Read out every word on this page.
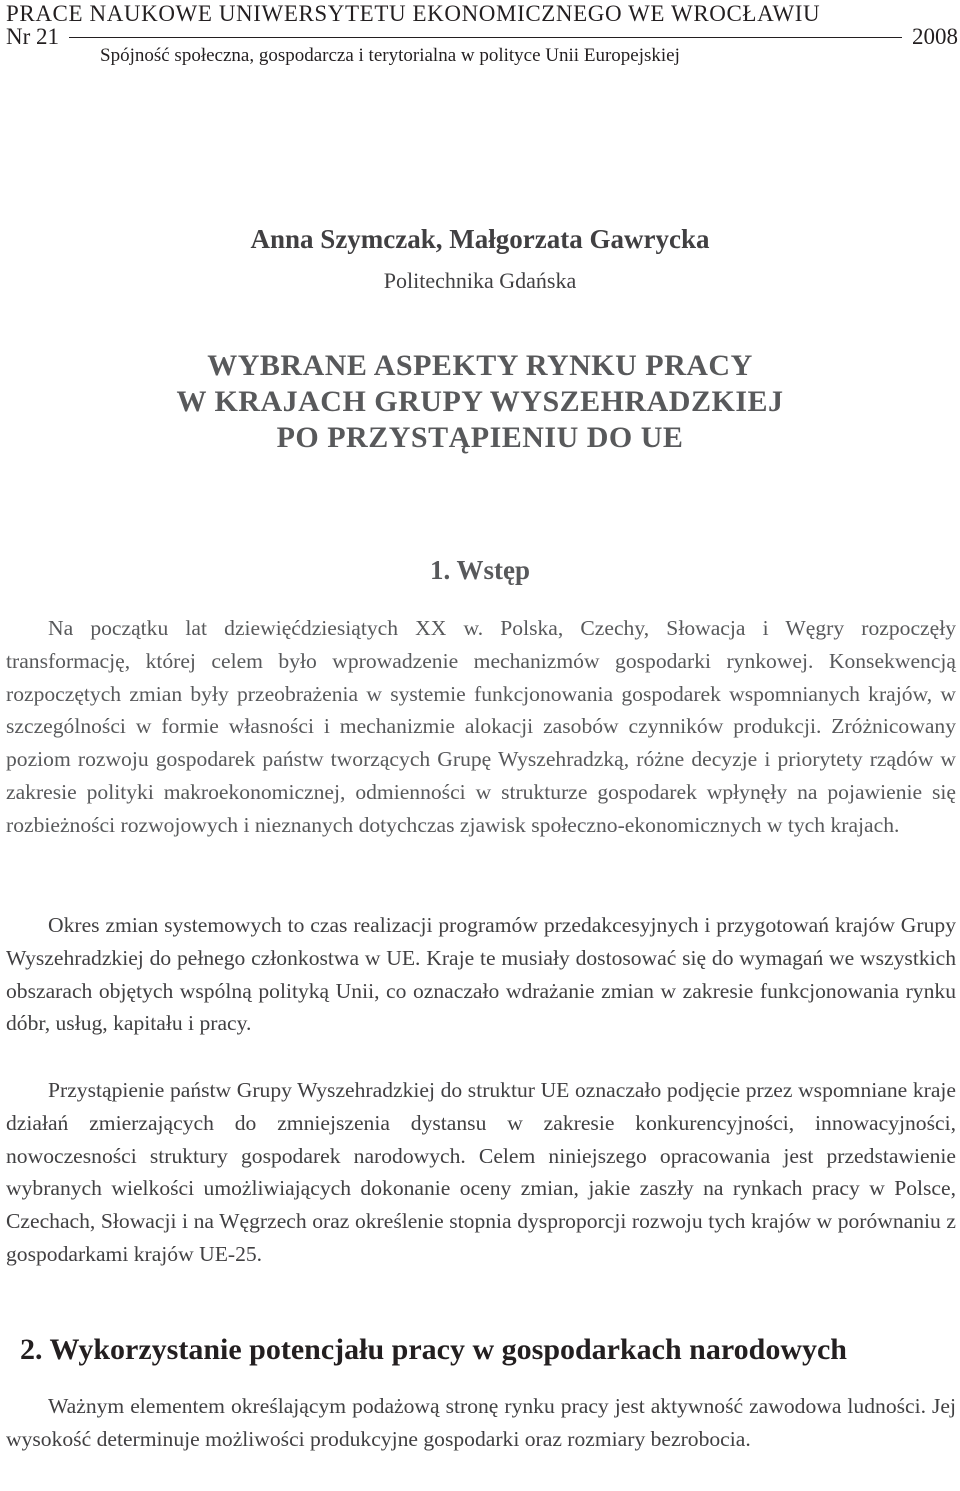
PRACE NAUKOWE UNIWERSYTETU EKONOMICZNEGO WE WROCŁAWIU
Nr 21	2008
Spójność społeczna, gospodarcza i terytorialna w polityce Unii Europejskiej
Anna Szymczak, Małgorzata Gawrycka
Politechnika Gdańska
WYBRANE ASPEKTY RYNKU PRACY
W KRAJACH GRUPY WYSZEHRADZKIEJ
PO PRZYSTĄPIENIU DO UE
1. Wstęp

Na początku lat dziewięćdziesiątych XX w. Polska, Czechy, Słowacja i Węgry rozpoczęły transformację, której celem było wprowadzenie mechanizmów gospodarki rynkowej. Konsekwencją rozpoczętych zmian były przeobrażenia w systemie funkcjonowania gospodarek wspomnianych krajów, w szczególności w formie własności i mechanizmie alokacji zasobów czynników produkcji. Zróżnicowany poziom rozwoju gospodarek państw tworzących Grupę Wyszehradzką, różne decyzje i priorytety rządów w zakresie polityki makroekonomicznej, odmienności w strukturze gospodarek wpłynęły na pojawienie się rozbieżności rozwojowych i nieznanych dotychczas zjawisk społeczno-ekonomicznych w tych krajach.

Okres zmian systemowych to czas realizacji programów przedakcesyjnych i przygotowań krajów Grupy Wyszehradzkiej do pełnego członkostwa w UE. Kraje te musiały dostosować się do wymagań we wszystkich obszarach objętych wspólną polityką Unii, co oznaczało wdrażanie zmian w zakresie funkcjonowania rynku dóbr, usług, kapitału i pracy.

Przystąpienie państw Grupy Wyszehradzkiej do struktur UE oznaczało podjęcie przez wspomniane kraje działań zmierzających do zmniejszenia dystansu w zakresie konkurencyjności, innowacyjności, nowoczesności struktury gospodarek narodowych. Celem niniejszego opracowania jest przedstawienie wybranych wielkości umożliwiających dokonanie oceny zmian, jakie zaszły na rynkach pracy w Polsce, Czechach, Słowacji i na Węgrzech oraz określenie stopnia dysproporcji rozwoju tych krajów w porównaniu z gospodarkami krajów UE-25.

2. Wykorzystanie potencjału pracy w gospodarkach narodowych

Ważnym elementem określającym podażową stronę rynku pracy jest aktywność zawodowa ludności. Jej wysokość determinuje możliwości produkcyjne gospodarki oraz rozmiary bezrobocia.
